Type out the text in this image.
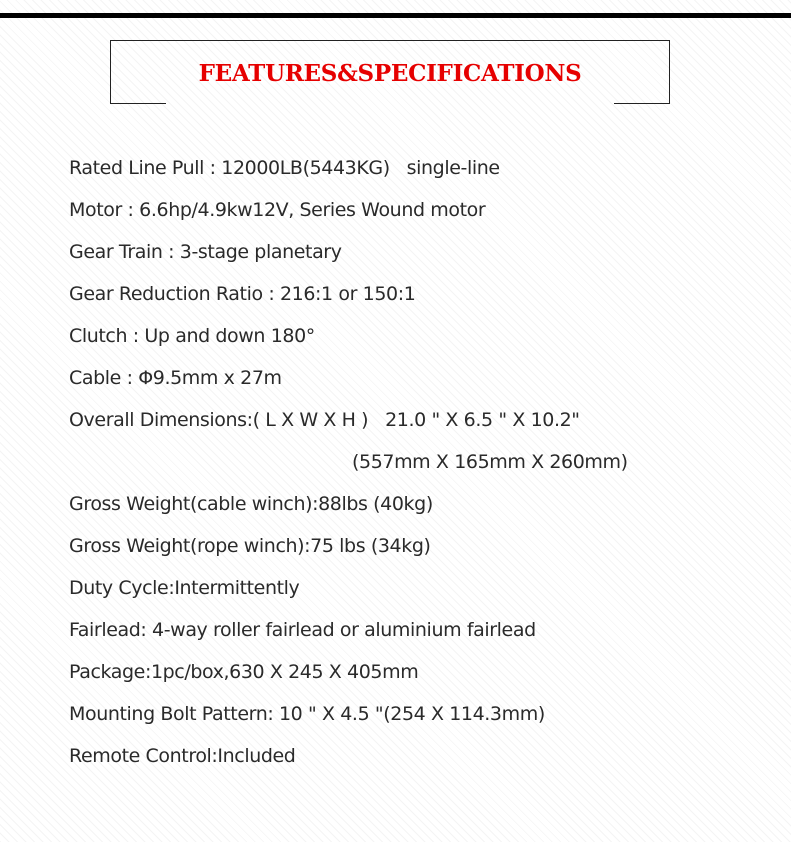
FEATURES&SPECIFICATIONS
Rated Line Pull : 12000LB(5443KG)   single-line
Motor : 6.6hp/4.9kw12V, Series Wound motor
Gear Train : 3-stage planetary
Gear Reduction Ratio : 216:1 or 150:1
Clutch : Up and down 180°
Cable : Φ9.5mm x 27m
Overall Dimensions:( L X W X H )   21.0 " X 6.5 " X 10.2"
(557mm X 165mm X 260mm)
Gross Weight(cable winch):88lbs (40kg)
Gross Weight(rope winch):75 lbs (34kg)
Duty Cycle:Intermittently
Fairlead: 4-way roller fairlead or aluminium fairlead
Package:1pc/box,630 X 245 X 405mm
Mounting Bolt Pattern: 10 " X 4.5 "(254 X 114.3mm)
Remote Control:Included
